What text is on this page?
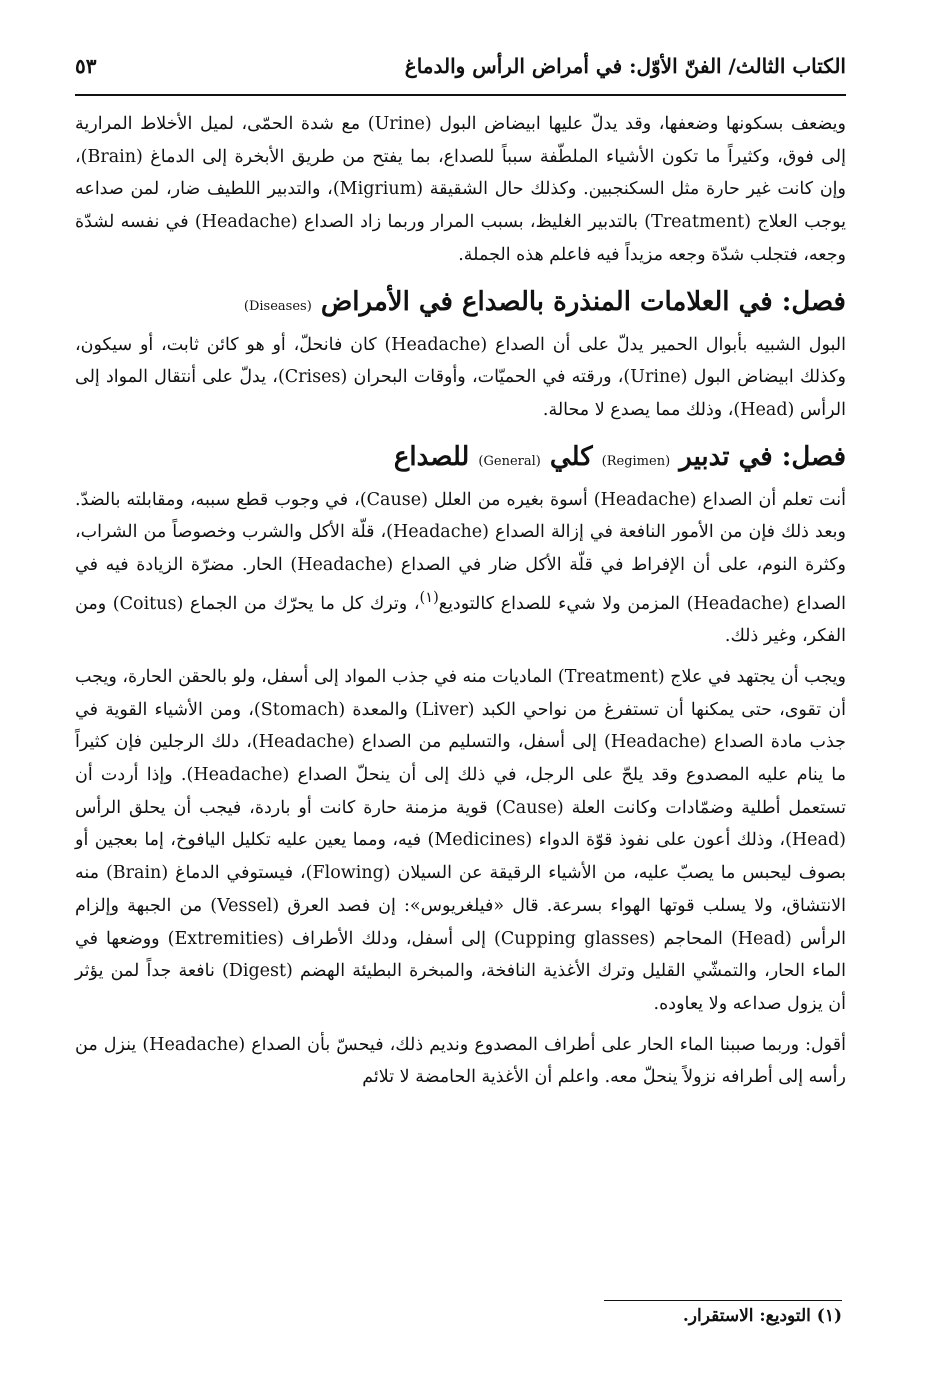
الكتاب الثالث/ الفنّ الأوّل: في أمراض الرأس والدماغ
٥٣

ويضعف بسكونها وضعفها، وقد يدلّ عليها ابيضاض البول (Urine) مع شدة الحمّى، لميل الأخلاط المرارية إلى فوق، وكثيراً ما تكون الأشياء الملطّفة سبباً للصداع، بما يفتح من طريق الأبخرة إلى الدماغ (Brain)، وإن كانت غير حارة مثل السكنجبين. وكذلك حال الشقيقة (Migrium)، والتدبير اللطيف ضار، لمن صداعه يوجب العلاج (Treatment) بالتدبير الغليظ، بسبب المرار وربما زاد الصداع (Headache) في نفسه لشدّة وجعه، فتجلب شدّة وجعه مزيداً فيه فاعلم هذه الجملة.

فصل: في العلامات المنذرة بالصداع في الأمراض (Diseases)

البول الشبيه بأبوال الحمير يدلّ على أن الصداع (Headache) كان فانحلّ، أو هو كائن ثابت، أو سيكون، وكذلك ابيضاض البول (Urine)، ورقته في الحميّات، وأوقات البحران (Crises)، يدلّ على أنتقال المواد إلى الرأس (Head)، وذلك مما يصدع لا محالة.

فصل: في تدبير (Regimen) كلي (General) للصداع

أنت تعلم أن الصداع (Headache) أسوة بغيره من العلل (Cause)، في وجوب قطع سببه، ومقابلته بالضدّ. وبعد ذلك فإن من الأمور النافعة في إزالة الصداع (Headache)، قلّة الأكل والشرب وخصوصاً من الشراب، وكثرة النوم، على أن الإفراط في قلّة الأكل ضار في الصداع (Headache) الحار. مضرّة الزيادة فيه في الصداع (Headache) المزمن ولا شيء للصداع كالتوديع$^{(١)}$، وترك كل ما يحرّك من الجماع (Coitus) ومن الفكر، وغير ذلك.

ويجب أن يجتهد في علاج (Treatment) الماديات منه في جذب المواد إلى أسفل، ولو بالحقن الحارة، ويجب أن تقوى، حتى يمكنها أن تستفرغ من نواحي الكبد (Liver) والمعدة (Stomach)، ومن الأشياء القوية في جذب مادة الصداع (Headache) إلى أسفل، والتسليم من الصداع (Headache)، دلك الرجلين فإن كثيراً ما ينام عليه المصدوع وقد يلحّ على الرجل، في ذلك إلى أن ينحلّ الصداع (Headache). وإذا أردت أن تستعمل أطلية وضمّادات وكانت العلة (Cause) قوية مزمنة حارة كانت أو باردة، فيجب أن يحلق الرأس (Head)، وذلك أعون على نفوذ قوّة الدواء (Medicines) فيه، ومما يعين عليه تكليل اليافوخ، إما بعجين أو بصوف ليحبس ما يصبّ عليه، من الأشياء الرقيقة عن السيلان (Flowing)، فيستوفي الدماغ (Brain) منه الانتشاق، ولا يسلب قوتها الهواء بسرعة. قال «فيلغريوس»: إن فصد العرق (Vessel) من الجبهة وإلزام الرأس (Head) المحاجم (Cupping glasses) إلى أسفل، ودلك الأطراف (Extremities) ووضعها في الماء الحار، والتمشّي القليل وترك الأغذية النافخة، والمبخرة البطيئة الهضم (Digest) نافعة جداً لمن يؤثر أن يزول صداعه ولا يعاوده.

أقول: وربما صببنا الماء الحار على أطراف المصدوع ونديم ذلك، فيحسّ بأن الصداع (Headache) ينزل من رأسه إلى أطرافه نزولاً ينحلّ معه. واعلم أن الأغذية الحامضة لا تلائم

(١) التوديع: الاستقرار.
